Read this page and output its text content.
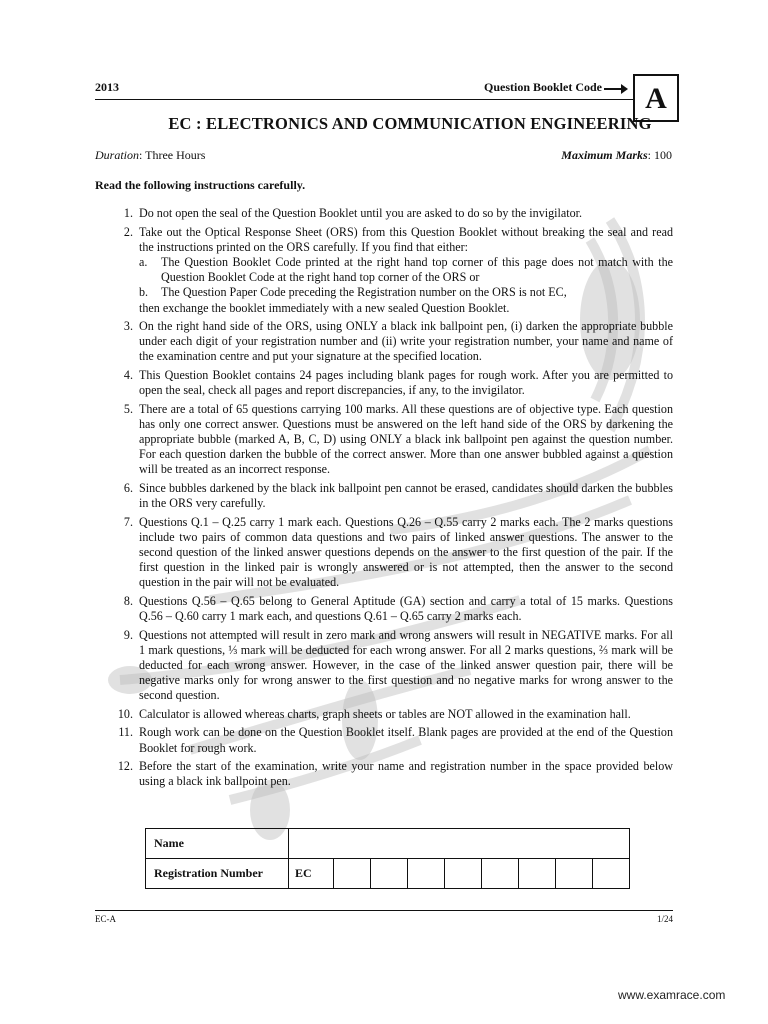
2013	Question Booklet Code	A
EC : ELECTRONICS AND COMMUNICATION ENGINEERING
Duration: Three Hours	Maximum Marks: 100
Read the following instructions carefully.
1. Do not open the seal of the Question Booklet until you are asked to do so by the invigilator.
2. Take out the Optical Response Sheet (ORS) from this Question Booklet without breaking the seal and read the instructions printed on the ORS carefully. If you find that either:
a.	The Question Booklet Code printed at the right hand top corner of this page does not match with the Question Booklet Code at the right hand top corner of the ORS or
b.	The Question Paper Code preceding the Registration number on the ORS is not EC,
then exchange the booklet immediately with a new sealed Question Booklet.
3. On the right hand side of the ORS, using ONLY a black ink ballpoint pen, (i) darken the appropriate bubble under each digit of your registration number and (ii) write your registration number, your name and name of the examination centre and put your signature at the specified location.
4. This Question Booklet contains 24 pages including blank pages for rough work. After you are permitted to open the seal, check all pages and report discrepancies, if any, to the invigilator.
5. There are a total of 65 questions carrying 100 marks. All these questions are of objective type. Each question has only one correct answer. Questions must be answered on the left hand side of the ORS by darkening the appropriate bubble (marked A, B, C, D) using ONLY a black ink ballpoint pen against the question number. For each question darken the bubble of the correct answer. More than one answer bubbled against a question will be treated as an incorrect response.
6. Since bubbles darkened by the black ink ballpoint pen cannot be erased, candidates should darken the bubbles in the ORS very carefully.
7. Questions Q.1 – Q.25 carry 1 mark each. Questions Q.26 – Q.55 carry 2 marks each. The 2 marks questions include two pairs of common data questions and two pairs of linked answer questions. The answer to the second question of the linked answer questions depends on the answer to the first question of the pair. If the first question in the linked pair is wrongly answered or is not attempted, then the answer to the second question in the pair will not be evaluated.
8. Questions Q.56 – Q.65 belong to General Aptitude (GA) section and carry a total of 15 marks. Questions Q.56 – Q.60 carry 1 mark each, and questions Q.61 – Q.65 carry 2 marks each.
9. Questions not attempted will result in zero mark and wrong answers will result in NEGATIVE marks. For all 1 mark questions, ⅓ mark will be deducted for each wrong answer. For all 2 marks questions, ⅔ mark will be deducted for each wrong answer. However, in the case of the linked answer question pair, there will be negative marks only for wrong answer to the first question and no negative marks for wrong answer to the second question.
10. Calculator is allowed whereas charts, graph sheets or tables are NOT allowed in the examination hall.
11. Rough work can be done on the Question Booklet itself. Blank pages are provided at the end of the Question Booklet for rough work.
12. Before the start of the examination, write your name and registration number in the space provided below using a black ink ballpoint pen.
Name									
Registration Number	EC								
EC-A	1/24
www.examrace.com
